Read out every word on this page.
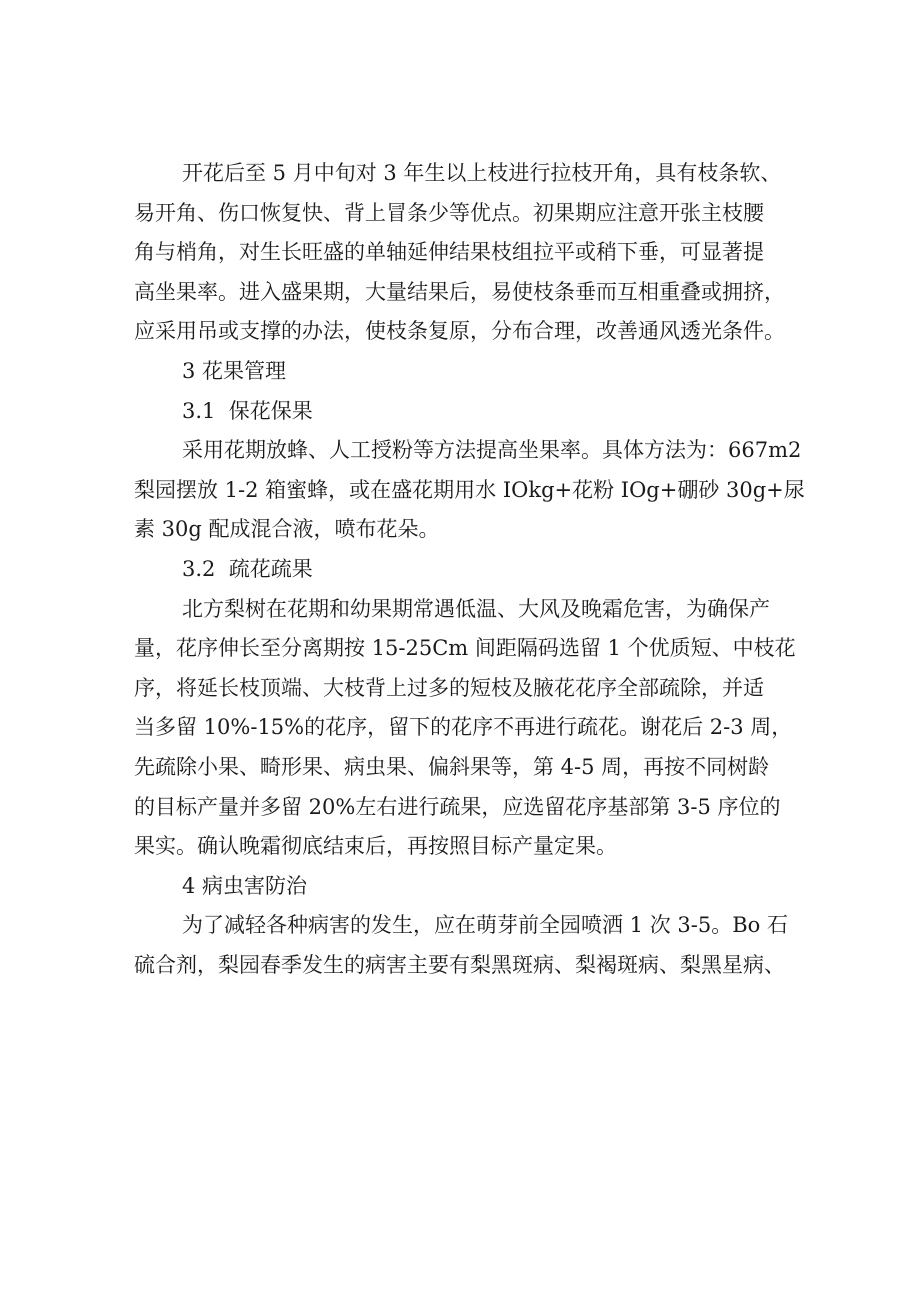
开花后至 5 月中旬对 3 年生以上枝进行拉枝开角，具有枝条软、
易开角、伤口恢复快、背上冒条少等优点。初果期应注意开张主枝腰
角与梢角，对生长旺盛的单轴延伸结果枝组拉平或稍下垂，可显著提
高坐果率。进入盛果期，大量结果后，易使枝条垂而互相重叠或拥挤，
应采用吊或支撑的办法，使枝条复原，分布合理，改善通风透光条件。
3 花果管理
3.1  保花保果
采用花期放蜂、人工授粉等方法提高坐果率。具体方法为：667m2
梨园摆放 1-2 箱蜜蜂，或在盛花期用水 IOkg+花粉 IOg+硼砂 30g+尿
素 30g 配成混合液，喷布花朵。
3.2  疏花疏果
北方梨树在花期和幼果期常遇低温、大风及晚霜危害，为确保产
量，花序伸长至分离期按 15-25Cm 间距隔码选留 1 个优质短、中枝花
序，将延长枝顶端、大枝背上过多的短枝及腋花花序全部疏除，并适
当多留 10%-15%的花序，留下的花序不再进行疏花。谢花后 2-3 周，
先疏除小果、畸形果、病虫果、偏斜果等，第 4-5 周，再按不同树龄
的目标产量并多留 20%左右进行疏果，应选留花序基部第 3-5 序位的
果实。确认晚霜彻底结束后，再按照目标产量定果。
4 病虫害防治
为了减轻各种病害的发生，应在萌芽前全园喷洒 1 次 3-5。Bo 石
硫合剂，梨园春季发生的病害主要有梨黑斑病、梨褐斑病、梨黑星病、
